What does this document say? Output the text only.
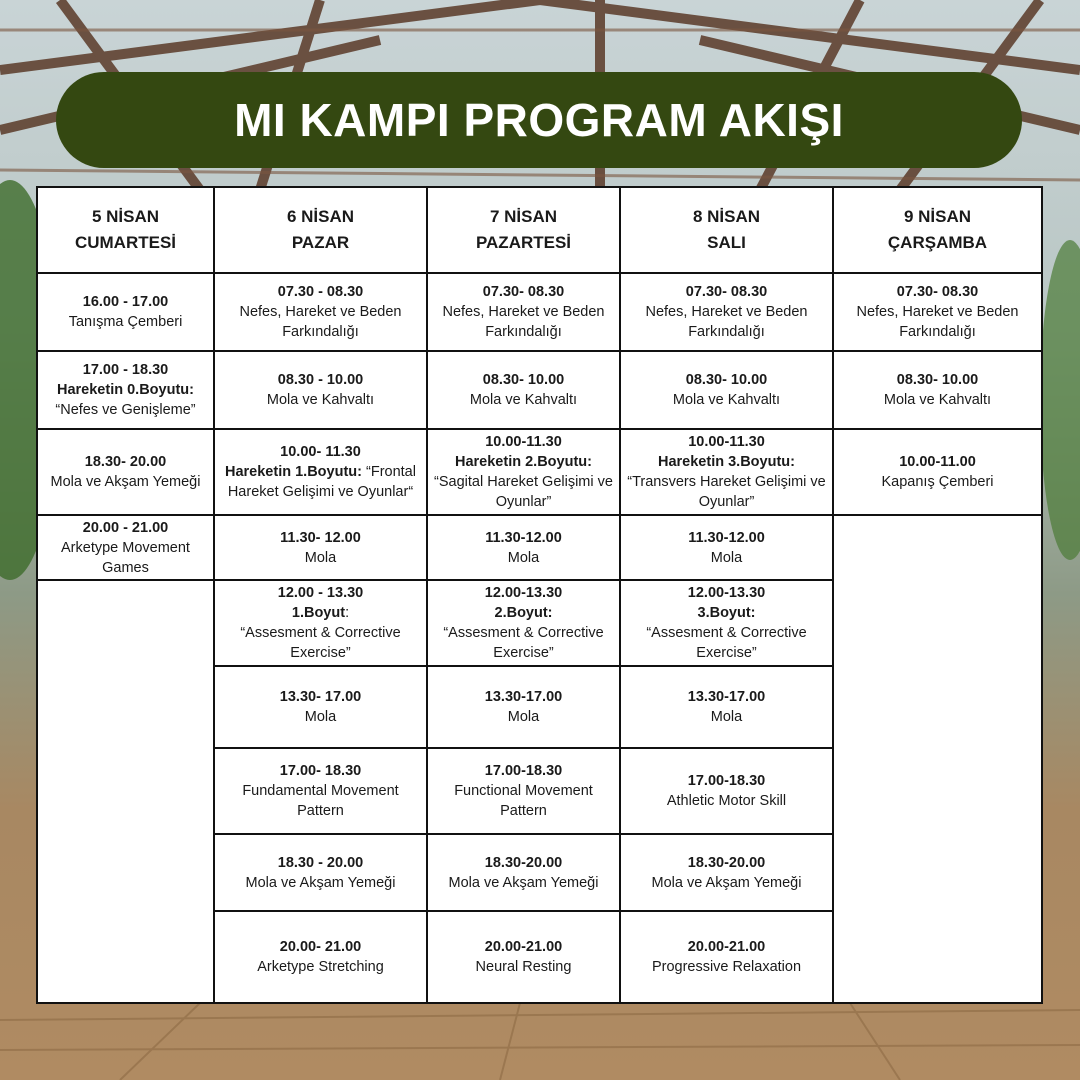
MI KAMPI PROGRAM AKIŞI
5 NİSAN
CUMARTESİ
16.00 - 17.00
Tanışma Çemberi
17.00 - 18.30
Hareketin 0.Boyutu: “Nefes ve Genişleme”
18.30- 20.00
Mola ve Akşam Yemeği
20.00 - 21.00
Arketype Movement Games
6 NİSAN
PAZAR
07.30 - 08.30
Nefes, Hareket ve Beden Farkındalığı
08.30 - 10.00
Mola ve Kahvaltı
10.00- 11.30
Hareketin 1.Boyutu: “Frontal Hareket Gelişimi ve Oyunlar“
11.30- 12.00
Mola
12.00 - 13.30
1.Boyut:
“Assesment & Corrective Exercise”
13.30- 17.00
Mola
17.00- 18.30
Fundamental Movement Pattern
18.30 - 20.00
Mola ve Akşam Yemeği
20.00- 21.00
Arketype Stretching
7 NİSAN
PAZARTESİ
07.30- 08.30
Nefes, Hareket ve Beden Farkındalığı
08.30- 10.00
Mola ve Kahvaltı
10.00-11.30
Hareketin 2.Boyutu: “Sagital Hareket Gelişimi ve Oyunlar”
11.30-12.00
Mola
12.00-13.30
2.Boyut:
“Assesment & Corrective Exercise”
13.30-17.00
Mola
17.00-18.30
Functional Movement Pattern
18.30-20.00
Mola ve Akşam Yemeği
20.00-21.00
Neural Resting
8 NİSAN
SALI
07.30- 08.30
Nefes, Hareket ve Beden Farkındalığı
08.30- 10.00
Mola ve Kahvaltı
10.00-11.30
Hareketin 3.Boyutu: “Transvers Hareket Gelişimi ve Oyunlar”
11.30-12.00
Mola
12.00-13.30
3.Boyut:
“Assesment & Corrective Exercise”
13.30-17.00
Mola
17.00-18.30
Athletic Motor Skill
18.30-20.00
Mola ve Akşam Yemeği
20.00-21.00
Progressive Relaxation
9 NİSAN
ÇARŞAMBA
07.30- 08.30
Nefes, Hareket ve Beden Farkındalığı
08.30- 10.00
Mola ve Kahvaltı
10.00-11.00
Kapanış Çemberi
